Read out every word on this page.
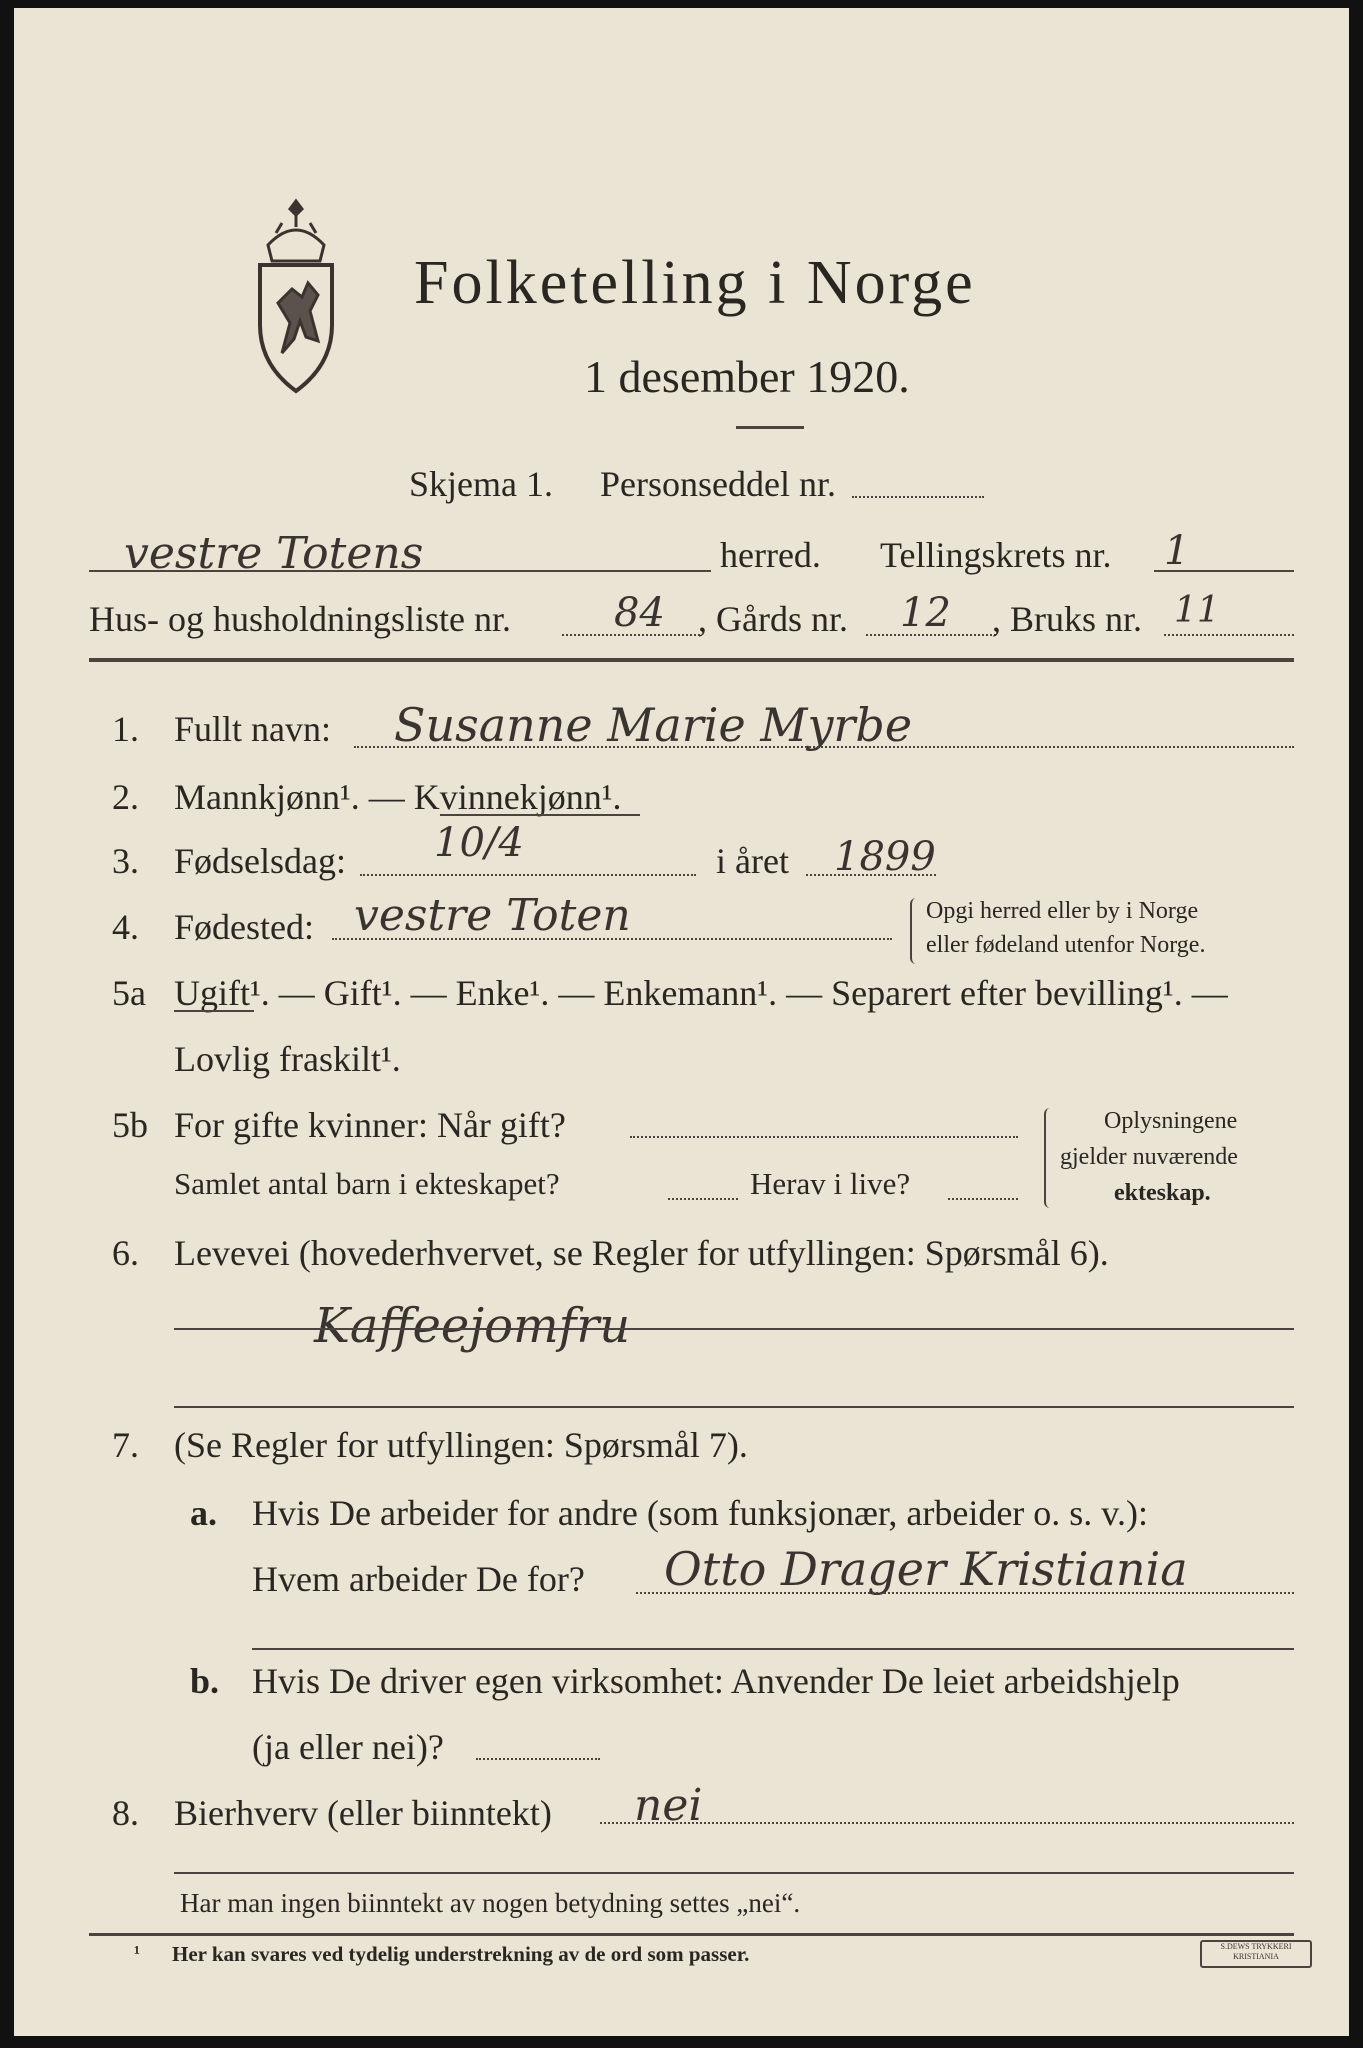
Folketelling i Norge
1 desember 1920.
Skjema 1. Personseddel nr.
vestre Totens	herred. Tellingskrets nr. 1
Hus- og husholdningsliste nr.	84 , Gårds nr. 12 , Bruks nr. 11
1. Fullt navn: Susanne Marie Myrbe
2. Mannkjønn¹. — Kvinnekjønn¹.
3. Fødselsdag: 10/4	i året 1899
4. Fødested: vestre Toten	Opgi herred eller by i Norge
eller fødeland utenfor Norge.
5a Ugift¹. — Gift¹. — Enke¹. — Enkemann¹. — Separert efter bevilling¹. —
Lovlig fraskilt¹.
5b For gifte kvinner: Når gift?
Samlet antal barn i ekteskapet?	Herav i live?
Oplysningene
gjelder nuværende
ekteskap.
6. Levevei (hovederhvervet, se Regler for utfyllingen: Spørsmål 6).
Kaffeejomfru
7. (Se Regler for utfyllingen: Spørsmål 7).
a. Hvis De arbeider for andre (som funksjonær, arbeider o. s. v.):
Hvem arbeider De for? Otto Drager Kristiania
b. Hvis De driver egen virksomhet: Anvender De leiet arbeidshjelp
(ja eller nei)?
8. Bierhverv (eller biinntekt) nei
Har man ingen biinntekt av nogen betydning settes „nei“.
¹ Her kan svares ved tydelig understrekning av de ord som passer.	S.DEWS TRYKKERI
KRISTIANIA
